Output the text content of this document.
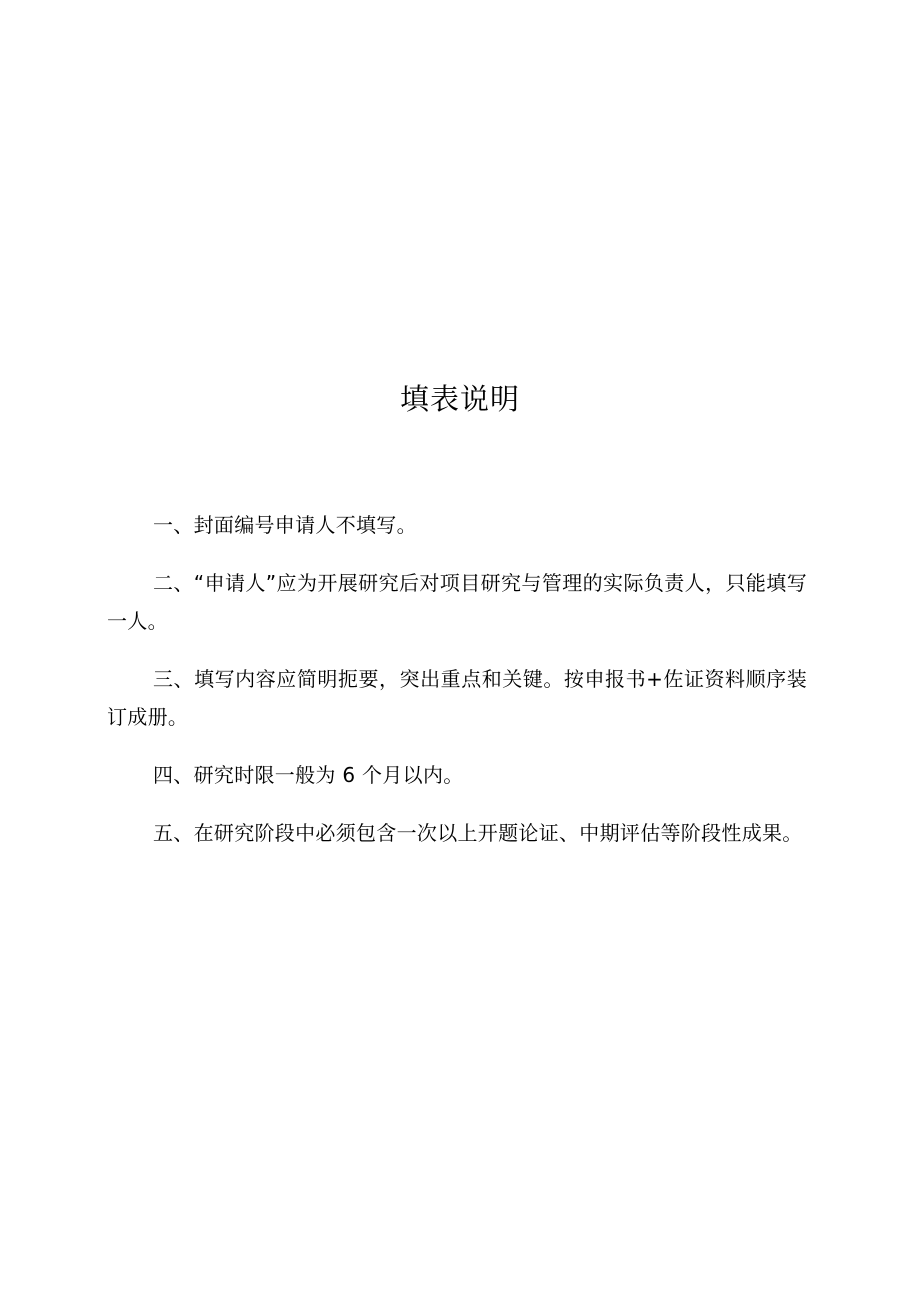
填表说明

一、封面编号申请人不填写。

二、“申请人”应为开展研究后对项目研究与管理的实际负责人，只能填写一人。

三、填写内容应简明扼要，突出重点和关键。按申报书+佐证资料顺序装订成册。

四、研究时限一般为 6 个月以内。

五、在研究阶段中必须包含一次以上开题论证、中期评估等阶段性成果。
